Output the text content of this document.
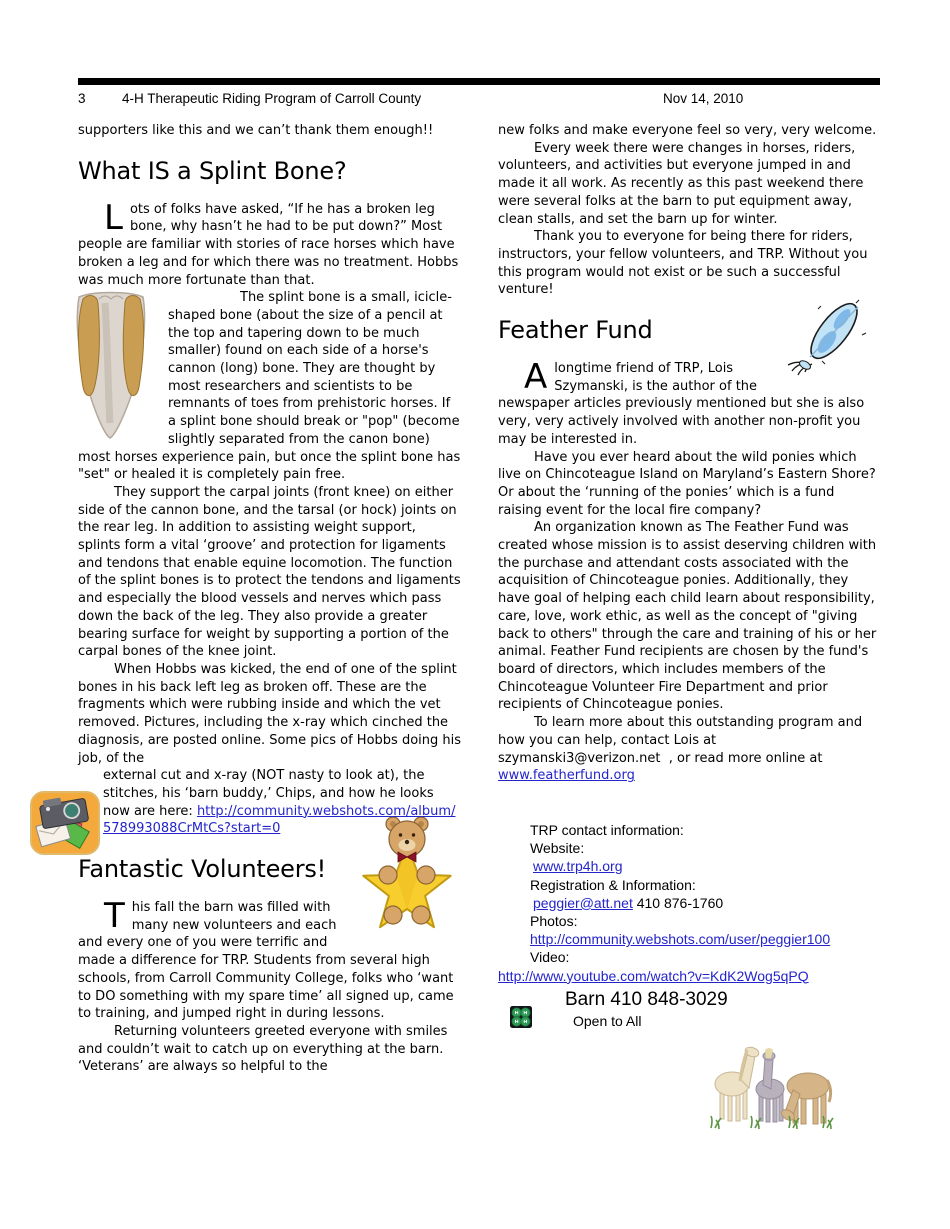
3	4-H Therapeutic Riding Program of Carroll County	Nov 14, 2010

supporters like this and we can’t thank them enough!!

What IS a Splint Bone?

Lots of folks have asked, “If he has a broken leg bone, why hasn’t he had to be put down?” Most people are familiar with stories of race horses which have broken a leg and for which there was no treatment. Hobbs was much more fortunate than that.

The splint bone is a small, icicle-shaped bone (about the size of a pencil at the top and tapering down to be much smaller) found on each side of a horse's cannon (long) bone. They are thought by most researchers and scientists to be remnants of toes from prehistoric horses. If a splint bone should break or "pop" (become slightly separated from the canon bone) most horses experience pain, but once the splint bone has "set" or healed it is completely pain free.

They support the carpal joints (front knee) on either side of the cannon bone, and the tarsal (or hock) joints on the rear leg. In addition to assisting weight support, splints form a vital ‘groove’ and protection for ligaments and tendons that enable equine locomotion. The function of the splint bones is to protect the tendons and ligaments and especially the blood vessels and nerves which pass down the back of the leg. They also provide a greater bearing surface for weight by supporting a portion of the carpal bones of the knee joint.

When Hobbs was kicked, the end of one of the splint bones in his back left leg as broken off. These are the fragments which were rubbing inside and which the vet removed. Pictures, including the x-ray which cinched the diagnosis, are posted online. Some pics of Hobbs doing his job, of the

external cut and x-ray (NOT nasty to look at), the stitches, his ‘barn buddy,’ Chips, and how he looks now are here: http://community.webshots.com/album/578993088CrMtCs?start=0

Fantastic Volunteers!

This fall the barn was filled with many new volunteers and each and every one of you were terrific and made a difference for TRP. Students from several high schools, from Carroll Community College, folks who ‘want to DO something with my spare time’ all signed up, came to training, and jumped right in during lessons.

Returning volunteers greeted everyone with smiles and couldn’t wait to catch up on everything at the barn. ‘Veterans’ are always so helpful to the

new folks and make everyone feel so very, very welcome.

Every week there were changes in horses, riders, volunteers, and activities but everyone jumped in and made it all work. As recently as this past weekend there were several folks at the barn to put equipment away, clean stalls, and set the barn up for winter.

Thank you to everyone for being there for riders, instructors, your fellow volunteers, and TRP. Without you this program would not exist or be such a successful venture!

Feather Fund

Alongtime friend of TRP, Lois Szymanski, is the author of the newspaper articles previously mentioned but she is also very, very actively involved with another non-profit you may be interested in.

Have you ever heard about the wild ponies which live on Chincoteague Island on Maryland’s Eastern Shore? Or about the ‘running of the ponies’ which is a fund raising event for the local fire company?

An organization known as The Feather Fund was created whose mission is to assist deserving children with the purchase and attendant costs associated with the acquisition of Chincoteague ponies. Additionally, they have goal of helping each child learn about responsibility, care, love, work ethic, as well as the concept of "giving back to others" through the care and training of his or her animal. Feather Fund recipients are chosen by the fund's board of directors, which includes members of the Chincoteague Volunteer Fire Department and prior recipients of Chincoteague ponies.

To learn more about this outstanding program and how you can help, contact Lois at szymanski3@verizon.net  , or read more online at www.featherfund.org

TRP contact information:
Website:
www.trp4h.org
Registration & Information:
peggier@att.net 410 876-1760
Photos:
http://community.webshots.com/user/peggier100
Video:
http://www.youtube.com/watch?v=KdK2Wog5qPQ
Barn 410 848-3029
Open to All
